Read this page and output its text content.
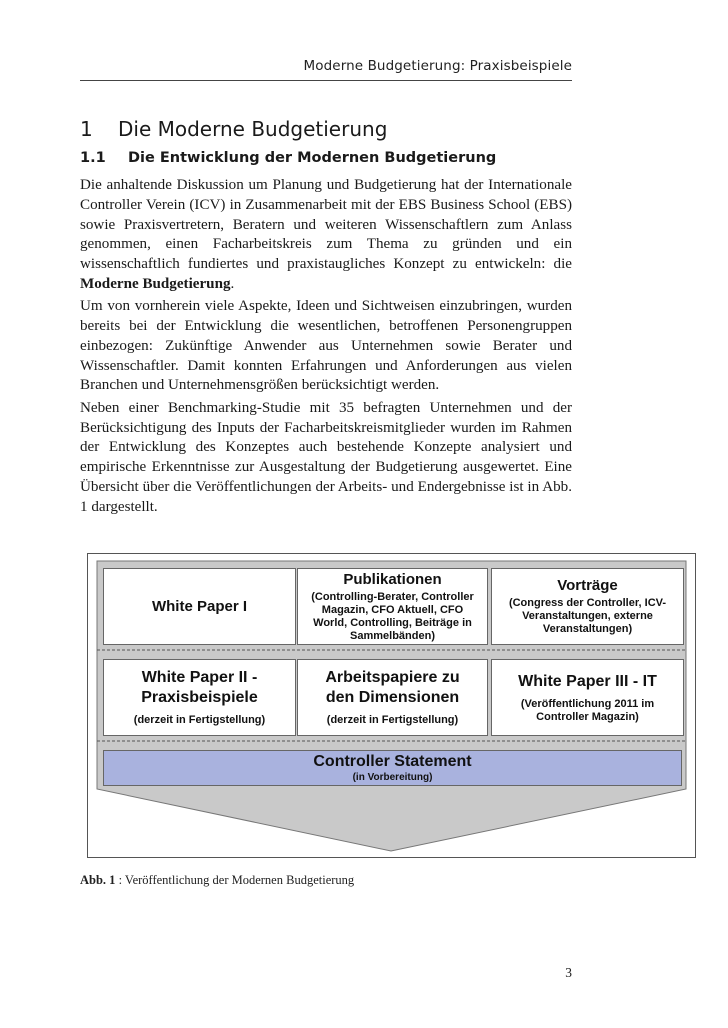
Moderne Budgetierung: Praxisbeispiele
1 Die Moderne Budgetierung
1.1 Die Entwicklung der Modernen Budgetierung

Die anhaltende Diskussion um Planung und Budgetierung hat der Internationale Controller Verein (ICV) in Zusammenarbeit mit der EBS Business School (EBS) sowie Praxisvertretern, Beratern und weiteren Wissenschaftlern zum Anlass genommen, einen Facharbeitskreis zum Thema zu gründen und ein wissenschaftlich fundiertes und praxistaugliches Konzept zu entwickeln: die Moderne Budgetierung.

Um von vornherein viele Aspekte, Ideen und Sichtweisen einzubringen, wurden bereits bei der Entwicklung die wesentlichen, betroffenen Personengruppen einbezogen: Zukünftige Anwender aus Unternehmen sowie Berater und Wissenschaftler. Damit konnten Erfahrungen und Anforderungen aus vielen Branchen und Unternehmensgrößen berücksichtigt werden.

Neben einer Benchmarking-Studie mit 35 befragten Unternehmen und der Berücksichtigung des Inputs der Facharbeitskreismitglieder wurden im Rahmen der Entwicklung des Konzeptes auch bestehende Konzepte analysiert und empirische Erkenntnisse zur Ausgestaltung der Budgetierung ausgewertet. Eine Übersicht über die Veröffentlichungen der Arbeits- und Endergebnisse ist in Abb. 1 dargestellt.

White Paper I
Publikationen
(Controlling-Berater, Controller Magazin, CFO Aktuell, CFO World, Controlling, Beiträge in Sammelbänden)
Vorträge
(Congress der Controller, ICV-Veranstaltungen, externe Veranstaltungen)
White Paper II - Praxisbeispiele
(derzeit in Fertigstellung)
Arbeitspapiere zu den Dimensionen
(derzeit in Fertigstellung)
White Paper III - IT
(Veröffentlichung 2011 im Controller Magazin)
Controller Statement
(in Vorbereitung)
Abb. 1 : Veröffentlichung der Modernen Budgetierung
3
